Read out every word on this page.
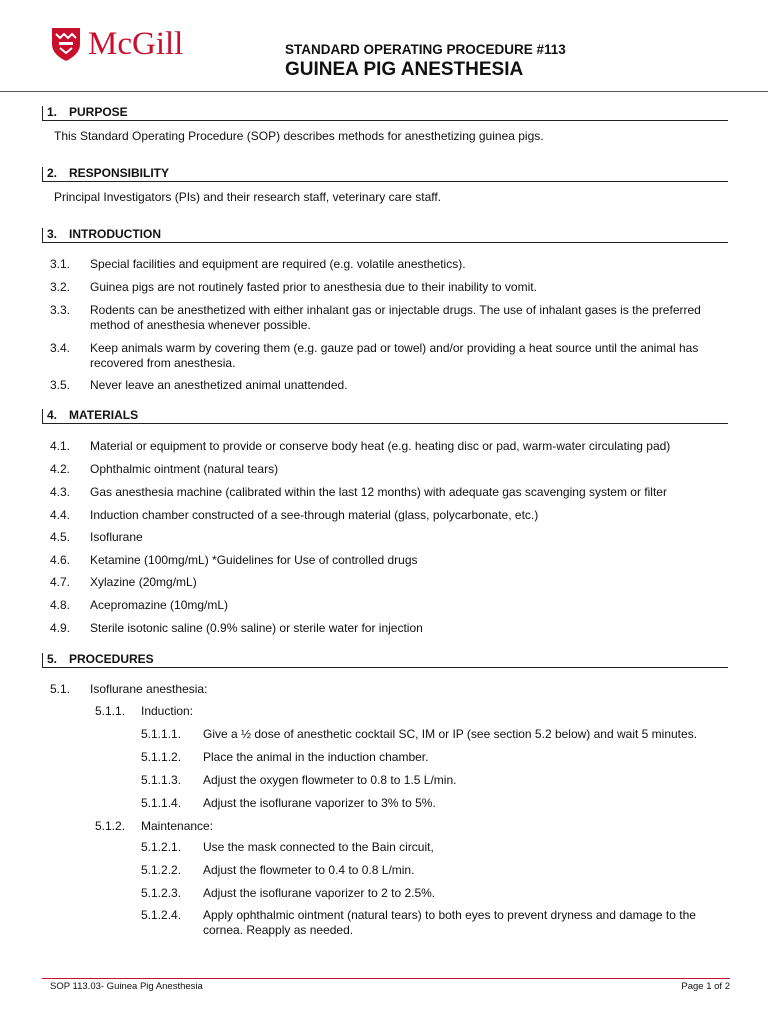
McGill	STANDARD OPERATING PROCEDURE #113
GUINEA PIG ANESTHESIA
1. PURPOSE
This Standard Operating Procedure (SOP) describes methods for anesthetizing guinea pigs.
2. RESPONSIBILITY
Principal Investigators (PIs) and their research staff, veterinary care staff.
3. INTRODUCTION
3.1.	Special facilities and equipment are required (e.g. volatile anesthetics).
3.2.	Guinea pigs are not routinely fasted prior to anesthesia due to their inability to vomit.
3.3.	Rodents can be anesthetized with either inhalant gas or injectable drugs. The use of inhalant gases is the preferred method of anesthesia whenever possible.
3.4.	Keep animals warm by covering them (e.g. gauze pad or towel) and/or providing a heat source until the animal has recovered from anesthesia.
3.5.	Never leave an anesthetized animal unattended.
4. MATERIALS
4.1.	Material or equipment to provide or conserve body heat (e.g. heating disc or pad, warm-water circulating pad)
4.2.	Ophthalmic ointment (natural tears)
4.3.	Gas anesthesia machine (calibrated within the last 12 months) with adequate gas scavenging system or filter
4.4.	Induction chamber constructed of a see-through material (glass, polycarbonate, etc.)
4.5.	Isoflurane
4.6.	Ketamine (100mg/mL) *Guidelines for Use of controlled drugs
4.7.	Xylazine (20mg/mL)
4.8.	Acepromazine (10mg/mL)
4.9.	Sterile isotonic saline (0.9% saline) or sterile water for injection
5. PROCEDURES
5.1.	Isoflurane anesthesia:
5.1.1.	Induction:
5.1.1.1.	Give a ½ dose of anesthetic cocktail SC, IM or IP (see section 5.2 below) and wait 5 minutes.
5.1.1.2.	Place the animal in the induction chamber.
5.1.1.3.	Adjust the oxygen flowmeter to 0.8 to 1.5 L/min.
5.1.1.4.	Adjust the isoflurane vaporizer to 3% to 5%.
5.1.2.	Maintenance:
5.1.2.1.	Use the mask connected to the Bain circuit,
5.1.2.2.	Adjust the flowmeter to 0.4 to 0.8 L/min.
5.1.2.3.	Adjust the isoflurane vaporizer to 2 to 2.5%.
5.1.2.4.	Apply ophthalmic ointment (natural tears) to both eyes to prevent dryness and damage to the cornea. Reapply as needed.
SOP 113.03- Guinea Pig Anesthesia	Page 1 of 2
